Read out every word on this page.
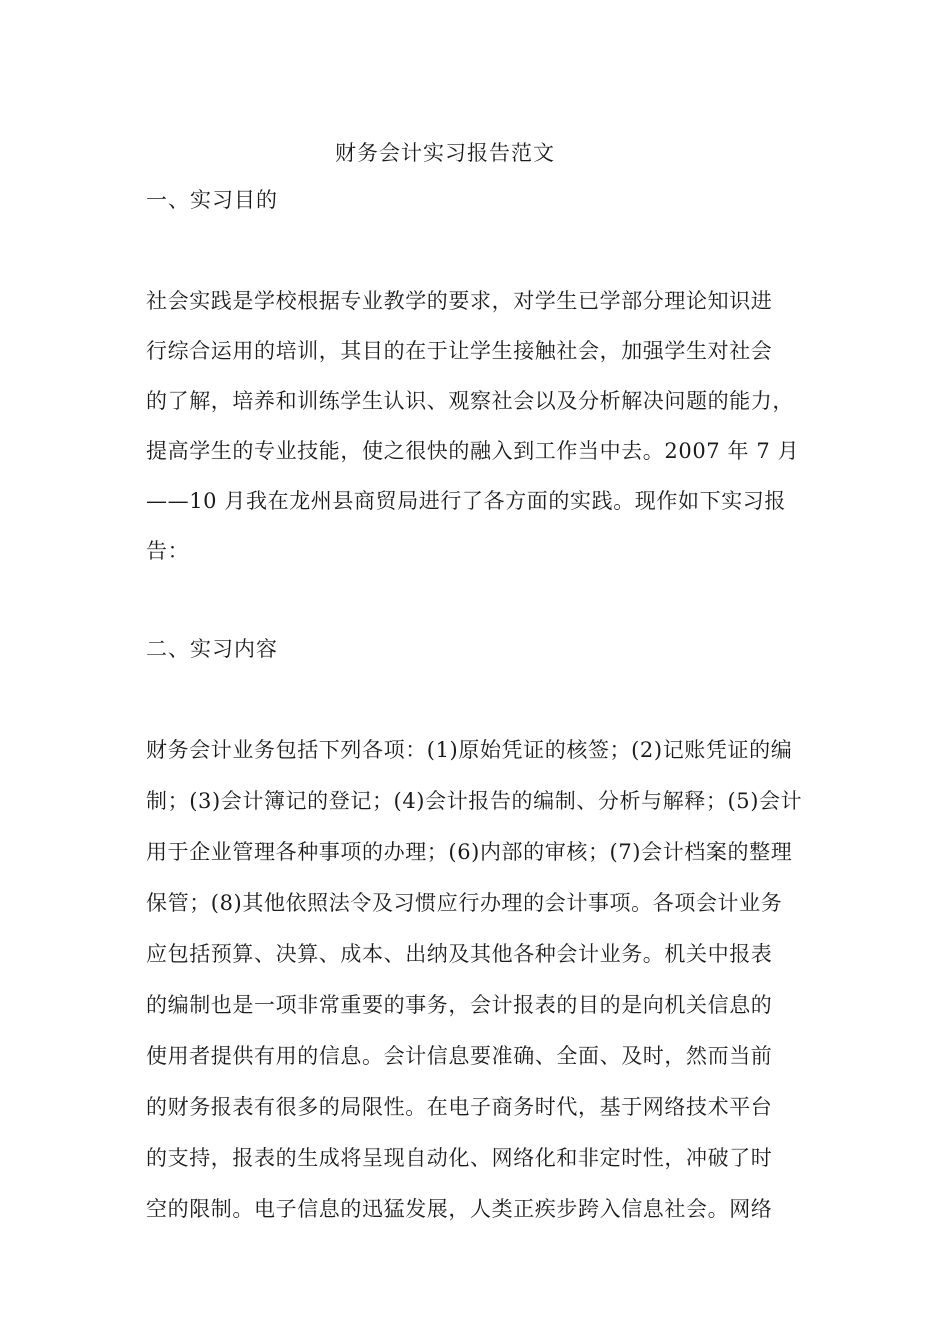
财务会计实习报告范文
一、实习目的
社会实践是学校根据专业教学的要求，对学生已学部分理论知识进
行综合运用的培训，其目的在于让学生接触社会，加强学生对社会
的了解，培养和训练学生认识、观察社会以及分析解决问题的能力，
提高学生的专业技能，使之很快的融入到工作当中去。2007 年 7 月
——10 月我在龙州县商贸局进行了各方面的实践。现作如下实习报
告：
二、实习内容
财务会计业务包括下列各项：(1)原始凭证的核签；(2)记账凭证的编
制；(3)会计簿记的登记；(4)会计报告的编制、分析与解释；(5)会计
用于企业管理各种事项的办理；(6)内部的审核；(7)会计档案的整理
保管；(8)其他依照法令及习惯应行办理的会计事项。各项会计业务
应包括预算、决算、成本、出纳及其他各种会计业务。机关中报表
的编制也是一项非常重要的事务，会计报表的目的是向机关信息的
使用者提供有用的信息。会计信息要准确、全面、及时，然而当前
的财务报表有很多的局限性。在电子商务时代，基于网络技术平台
的支持，报表的生成将呈现自动化、网络化和非定时性，冲破了时
空的限制。电子信息的迅猛发展，人类正疾步跨入信息社会。网络
